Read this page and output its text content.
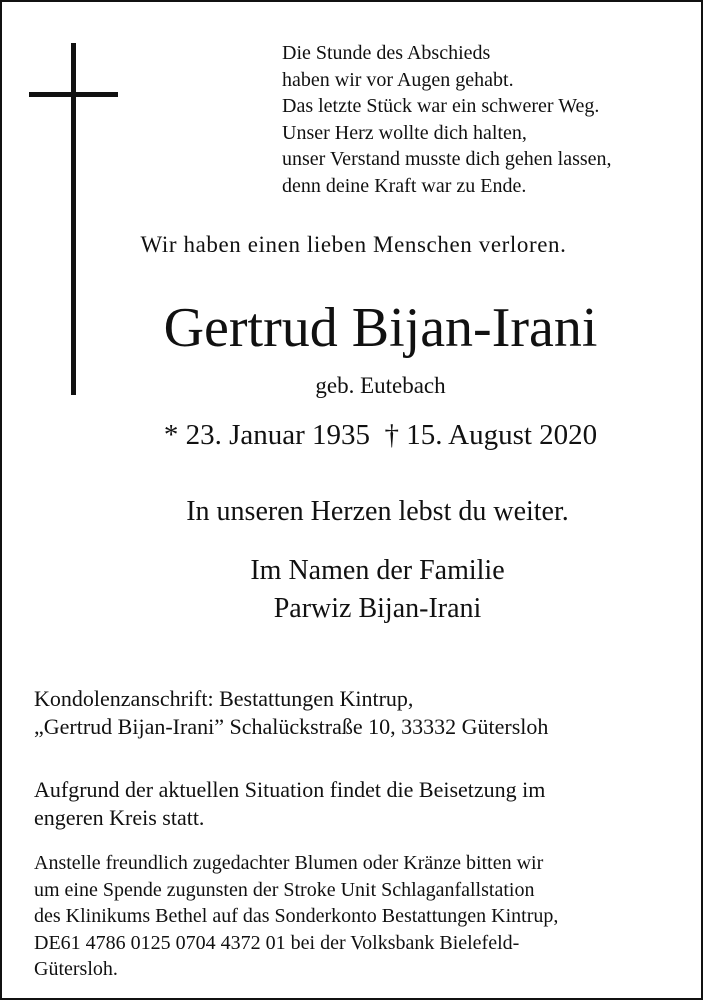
Die Stunde des Abschieds
haben wir vor Augen gehabt.
Das letzte Stück war ein schwerer Weg.
Unser Herz wollte dich halten,
unser Verstand musste dich gehen lassen,
denn deine Kraft war zu Ende.
Wir haben einen lieben Menschen verloren.
Gertrud Bijan-Irani
geb. Eutebach
* 23. Januar 1935  † 15. August 2020
In unseren Herzen lebst du weiter.
Im Namen der Familie
Parwiz Bijan-Irani
Kondolenzanschrift: Bestattungen Kintrup,
„Gertrud Bijan-Irani” Schalückstraße 10, 33332 Gütersloh
Aufgrund der aktuellen Situation findet die Beisetzung im
engeren Kreis statt.
Anstelle freundlich zugedachter Blumen oder Kränze bitten wir
um eine Spende zugunsten der Stroke Unit Schlaganfallstation
des Klinikums Bethel auf das Sonderkonto Bestattungen Kintrup,
DE61 4786 0125 0704 4372 01 bei der Volksbank Bielefeld-
Gütersloh.
